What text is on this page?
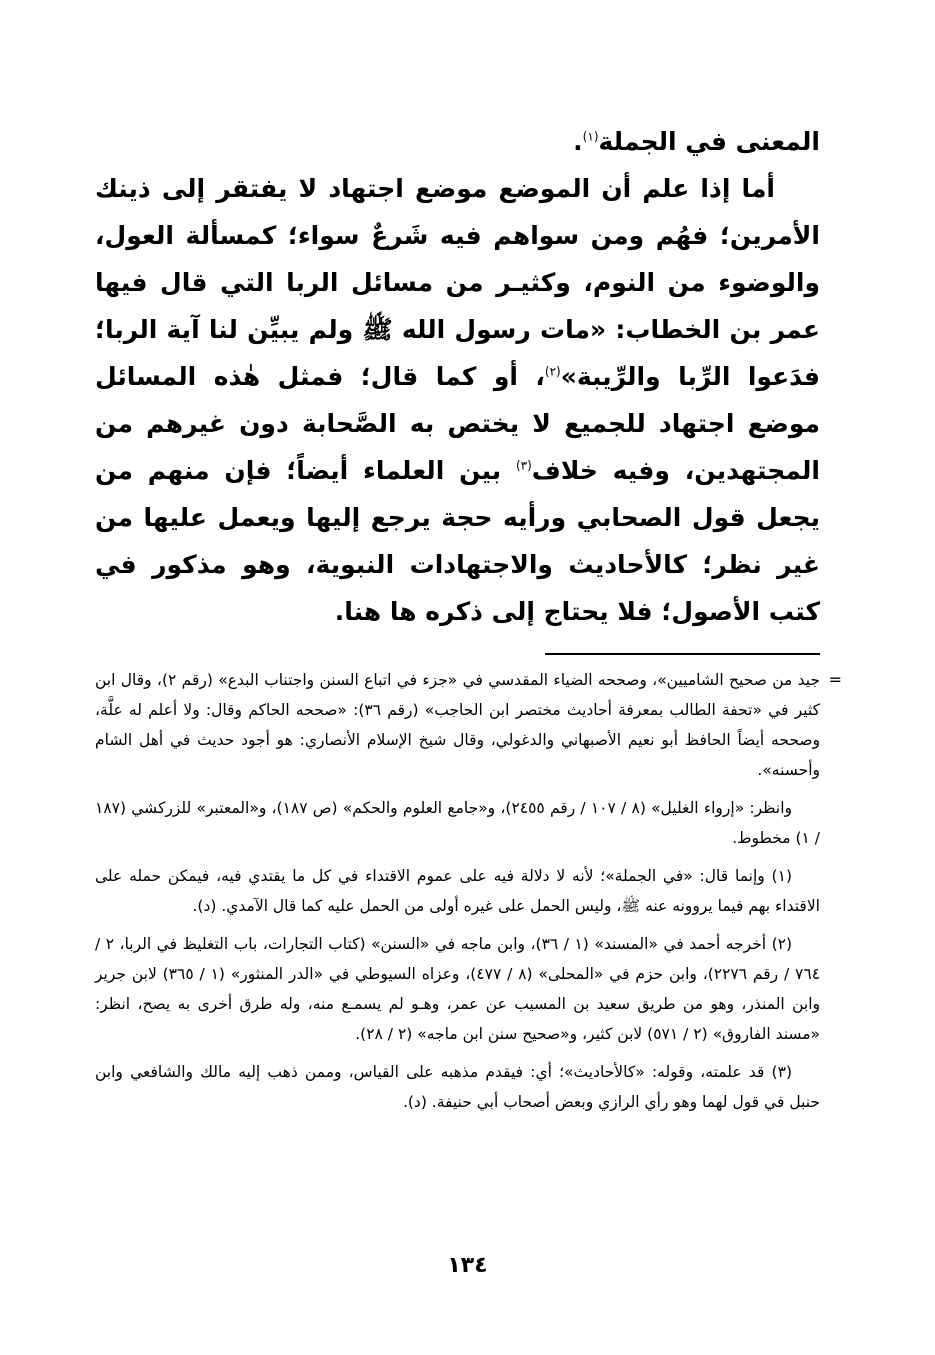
المعنى في الجملة$^{(١)}$.

أما إذا علم أن الموضع موضع اجتهاد لا يفتقر إلى ذينك الأمرين؛ فهُم ومن سواهم فيه شَرعٌ سواء؛ كمسألة العول، والوضوء من النوم، وكثيـر من مسائل الربا التي قال فيها عمر بن الخطاب: «مات رسول الله ﷺ ولم يبيِّن لنا آية الربا؛ فدَعوا الرِّبا والرِّيبة»$^{(٢)}$، أو كما قال؛ فمثل هٰذه المسائل موضع اجتهاد للجميع لا يختص به الصَّحابة دون غيرهم من المجتهدين، وفيه خلاف$^{(٣)}$ بين العلماء أيضاً؛ فإن منهم من يجعل قول الصحابي ورأيه حجة يرجع إليها ويعمل عليها من غير نظر؛ كالأحاديث والاجتهادات النبوية، وهو مذكور في كتب الأصول؛ فلا يحتاج إلى ذكره ها هنا.

=

جيد من صحيح الشاميين»، وصححه الضياء المقدسي في «جزء في اتباع السنن واجتناب البدع» (رقم ٢)، وقال ابن كثير في «تحفة الطالب بمعرفة أحاديث مختصر ابن الحاجب» (رقم ٣٦): «صححه الحاكم وقال: ولا أعلم له علَّة، وصححه أيضاً الحافظ أبو نعيم الأصبهاني والدغولي، وقال شيخ الإسلام الأنصاري: هو أجود حديث في أهل الشام وأحسنه».

وانظر: «إرواء الغليل» (٨ / ١٠٧ / رقم ٢٤٥٥)، و«جامع العلوم والحكم» (ص ١٨٧)، و«المعتبر» للزركشي (١٨٧ / ١) مخطوط.

(١) وإنما قال: «في الجملة»؛ لأنه لا دلالة فيه على عموم الاقتداء في كل ما يقتدي فيه، فيمكن حمله على الاقتداء بهم فيما يروونه عنه ﷺ، وليس الحمل على غيره أولى من الحمل عليه كما قال الآمدي. (د).

(٢) أخرجه أحمد في «المسند» (١ / ٣٦)، وابن ماجه في «السنن» (كتاب التجارات، باب التغليظ في الربا، ٢ / ٧٦٤ / رقم ٢٢٧٦)، وابن حزم في «المحلى» (٨ / ٤٧٧)، وعزاه السيوطي في «الدر المنثور» (١ / ٣٦٥) لابن جرير وابن المنذر، وهو من طريق سعيد بن المسيب عن عمر، وهـو لم يسمـع منه، وله طرق أخرى به يصح، انظر: «مسند الفاروق» (٢ / ٥٧١) لابن كثير، و«صحيح سنن ابن ماجه» (٢ / ٢٨).

(٣) قد علمته، وقوله: «كالأحاديث»؛ أي: فيقدم مذهبه على القياس، وممن ذهب إليه مالك والشافعي وابن حنبل في قول لهما وهو رأي الرازي وبعض أصحاب أبي حنيفة. (د).

١٣٤
